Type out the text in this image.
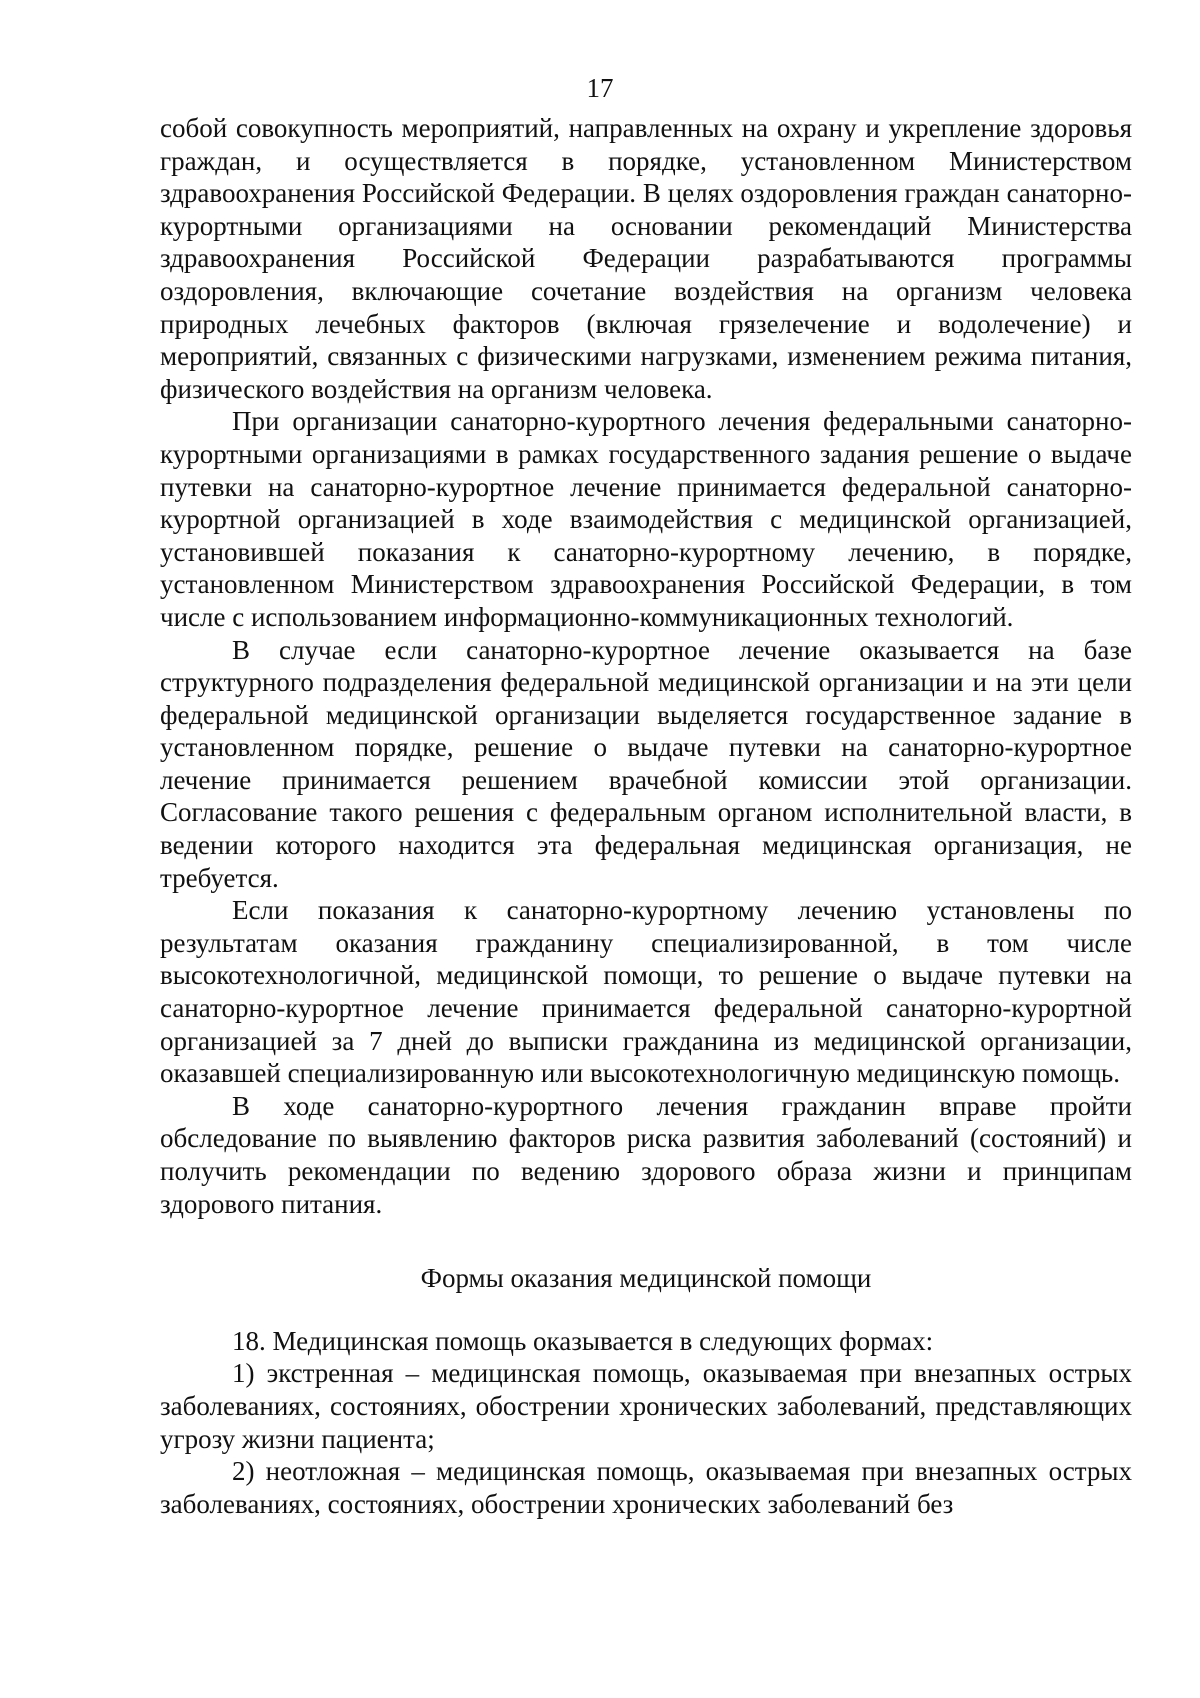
17

собой совокупность мероприятий, направленных на охрану и укрепление здоровья граждан, и осуществляется в порядке, установленном Министерством здравоохранения Российской Федерации. В целях оздоровления граждан санаторно-курортными организациями на основании рекомендаций Министерства здравоохранения Российской Федерации разрабатываются программы оздоровления, включающие сочетание воздействия на организм человека природных лечебных факторов (включая грязелечение и водолечение) и мероприятий, связанных с физическими нагрузками, изменением режима питания, физического воздействия на организм человека.

При организации санаторно-курортного лечения федеральными санаторно-курортными организациями в рамках государственного задания решение о выдаче путевки на санаторно-курортное лечение принимается федеральной санаторно-курортной организацией в ходе взаимодействия с медицинской организацией, установившей показания к санаторно-курортному лечению, в порядке, установленном Министерством здравоохранения Российской Федерации, в том числе с использованием информационно-коммуникационных технологий.

В случае если санаторно-курортное лечение оказывается на базе структурного подразделения федеральной медицинской организации и на эти цели федеральной медицинской организации выделяется государственное задание в установленном порядке, решение о выдаче путевки на санаторно-курортное лечение принимается решением врачебной комиссии этой организации. Согласование такого решения с федеральным органом исполнительной власти, в ведении которого находится эта федеральная медицинская организация, не требуется.

Если показания к санаторно-курортному лечению установлены по результатам оказания гражданину специализированной, в том числе высокотехнологичной, медицинской помощи, то решение о выдаче путевки на санаторно-курортное лечение принимается федеральной санаторно-курортной организацией за 7 дней до выписки гражданина из медицинской организации, оказавшей специализированную или высокотехнологичную медицинскую помощь.

В ходе санаторно-курортного лечения гражданин вправе пройти обследование по выявлению факторов риска развития заболеваний (состояний) и получить рекомендации по ведению здорового образа жизни и принципам здорового питания.

Формы оказания медицинской помощи

18. Медицинская помощь оказывается в следующих формах:

1) экстренная – медицинская помощь, оказываемая при внезапных острых заболеваниях, состояниях, обострении хронических заболеваний, представляющих угрозу жизни пациента;

2) неотложная – медицинская помощь, оказываемая при внезапных острых заболеваниях, состояниях, обострении хронических заболеваний без
